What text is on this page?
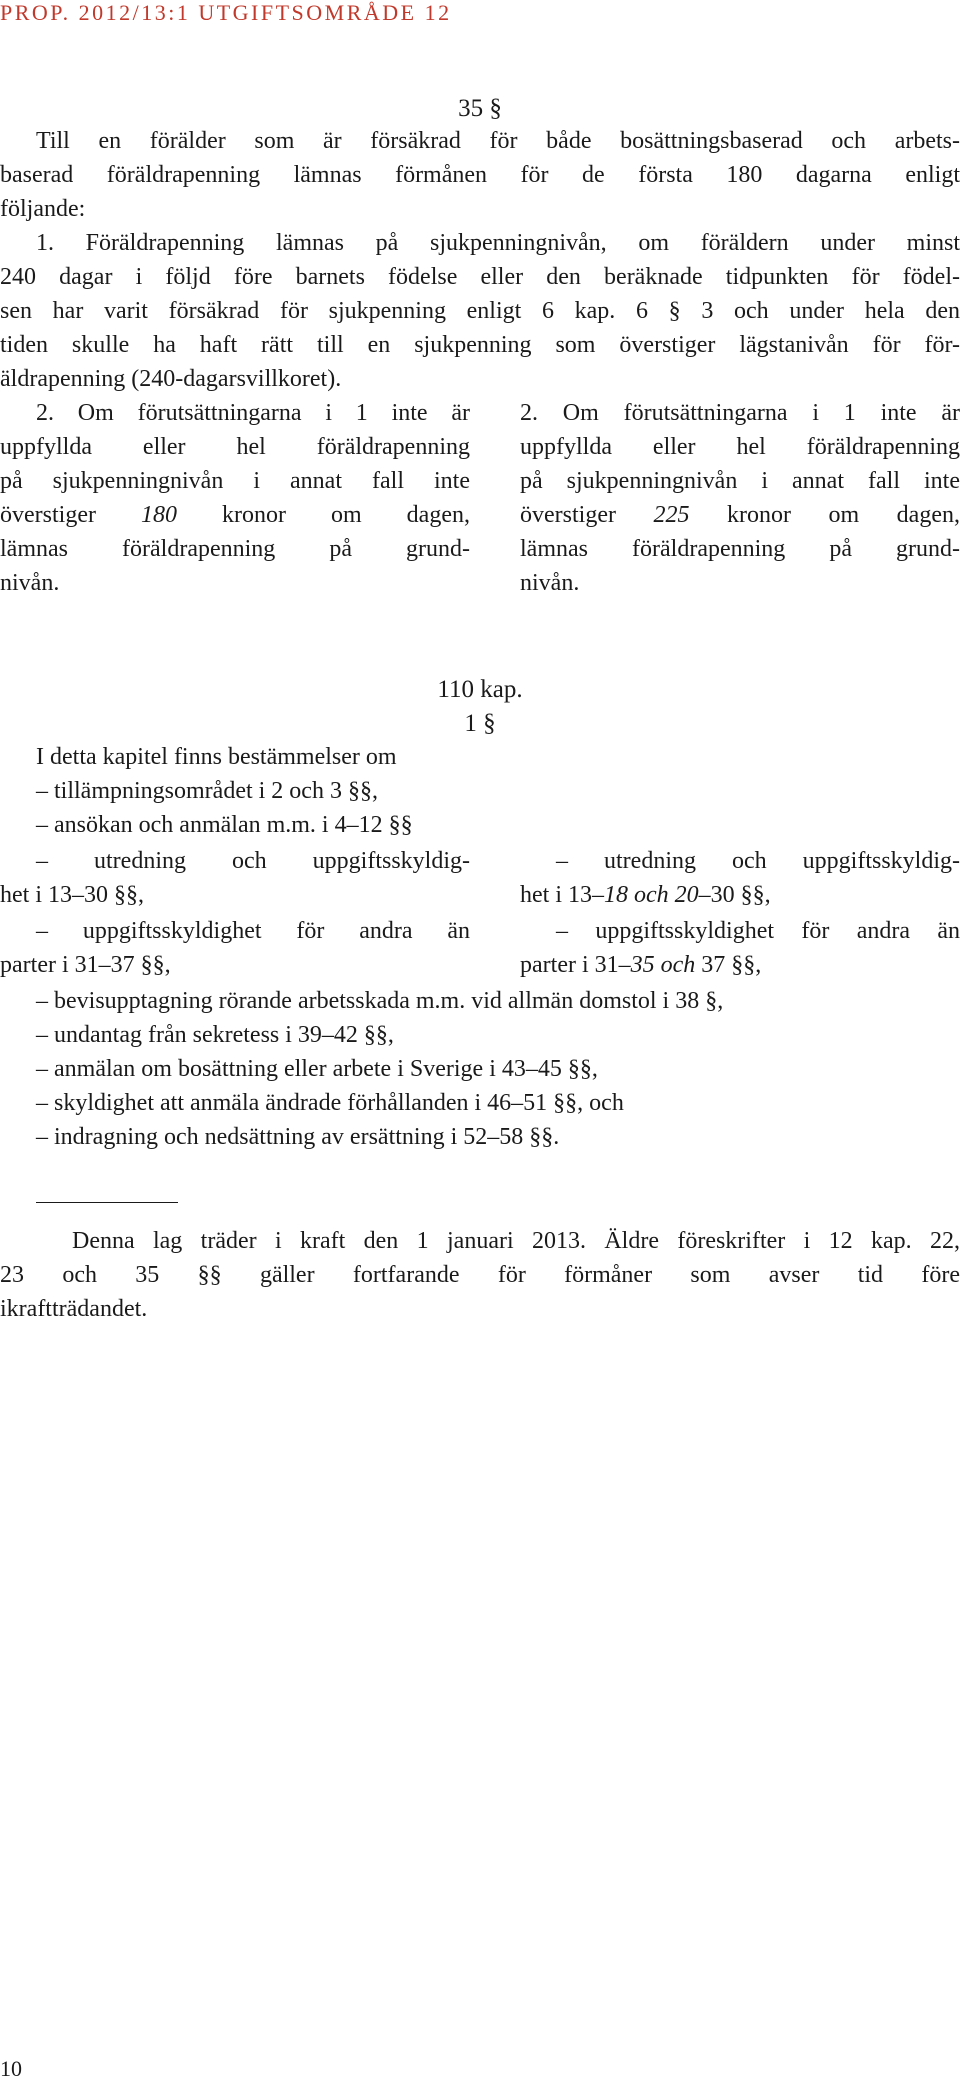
PROP. 2012/13:1 UTGIFTSOMRÅDE 12
35 §
Till en förälder som är försäkrad för både bosättningsbaserad och arbets-
baserad föräldrapenning lämnas förmånen för de första 180 dagarna enligt
följande:
1. Föräldrapenning lämnas på sjukpenningnivån, om föräldern under minst
240 dagar i följd före barnets födelse eller den beräknade tidpunkten för födel-
sen har varit försäkrad för sjukpenning enligt 6 kap. 6 § 3 och under hela den
tiden skulle ha haft rätt till en sjukpenning som överstiger lägstanivån för för-
äldrapenning (240-dagarsvillkoret).
2. Om förutsättningarna i 1 inte är
uppfyllda eller hel föräldrapenning
på sjukpenningnivån i annat fall inte
överstiger 180 kronor om dagen,
lämnas föräldrapenning på grund-
nivån.
2. Om förutsättningarna i 1 inte är
uppfyllda eller hel föräldrapenning
på sjukpenningnivån i annat fall inte
överstiger 225 kronor om dagen,
lämnas föräldrapenning på grund-
nivån.
110 kap.
1 §
I detta kapitel finns bestämmelser om
– tillämpningsområdet i 2 och 3 §§,
– ansökan och anmälan m.m. i 4–12 §§
– utredning och uppgiftsskyldig-
het i 13–30 §§,
– utredning och uppgiftsskyldig-
het i 13–18 och 20–30 §§,
– uppgiftsskyldighet för andra än
parter i 31–37 §§,
– uppgiftsskyldighet för andra än
parter i 31–35 och 37 §§,
– bevisupptagning rörande arbetsskada m.m. vid allmän domstol i 38 §,
– undantag från sekretess i 39–42 §§,
– anmälan om bosättning eller arbete i Sverige i 43–45 §§,
– skyldighet att anmäla ändrade förhållanden i 46–51 §§, och
– indragning och nedsättning av ersättning i 52–58 §§.
Denna lag träder i kraft den 1 januari 2013. Äldre föreskrifter i 12 kap. 22,
23 och 35 §§ gäller fortfarande för förmåner som avser tid före
ikraftträdandet.
10
